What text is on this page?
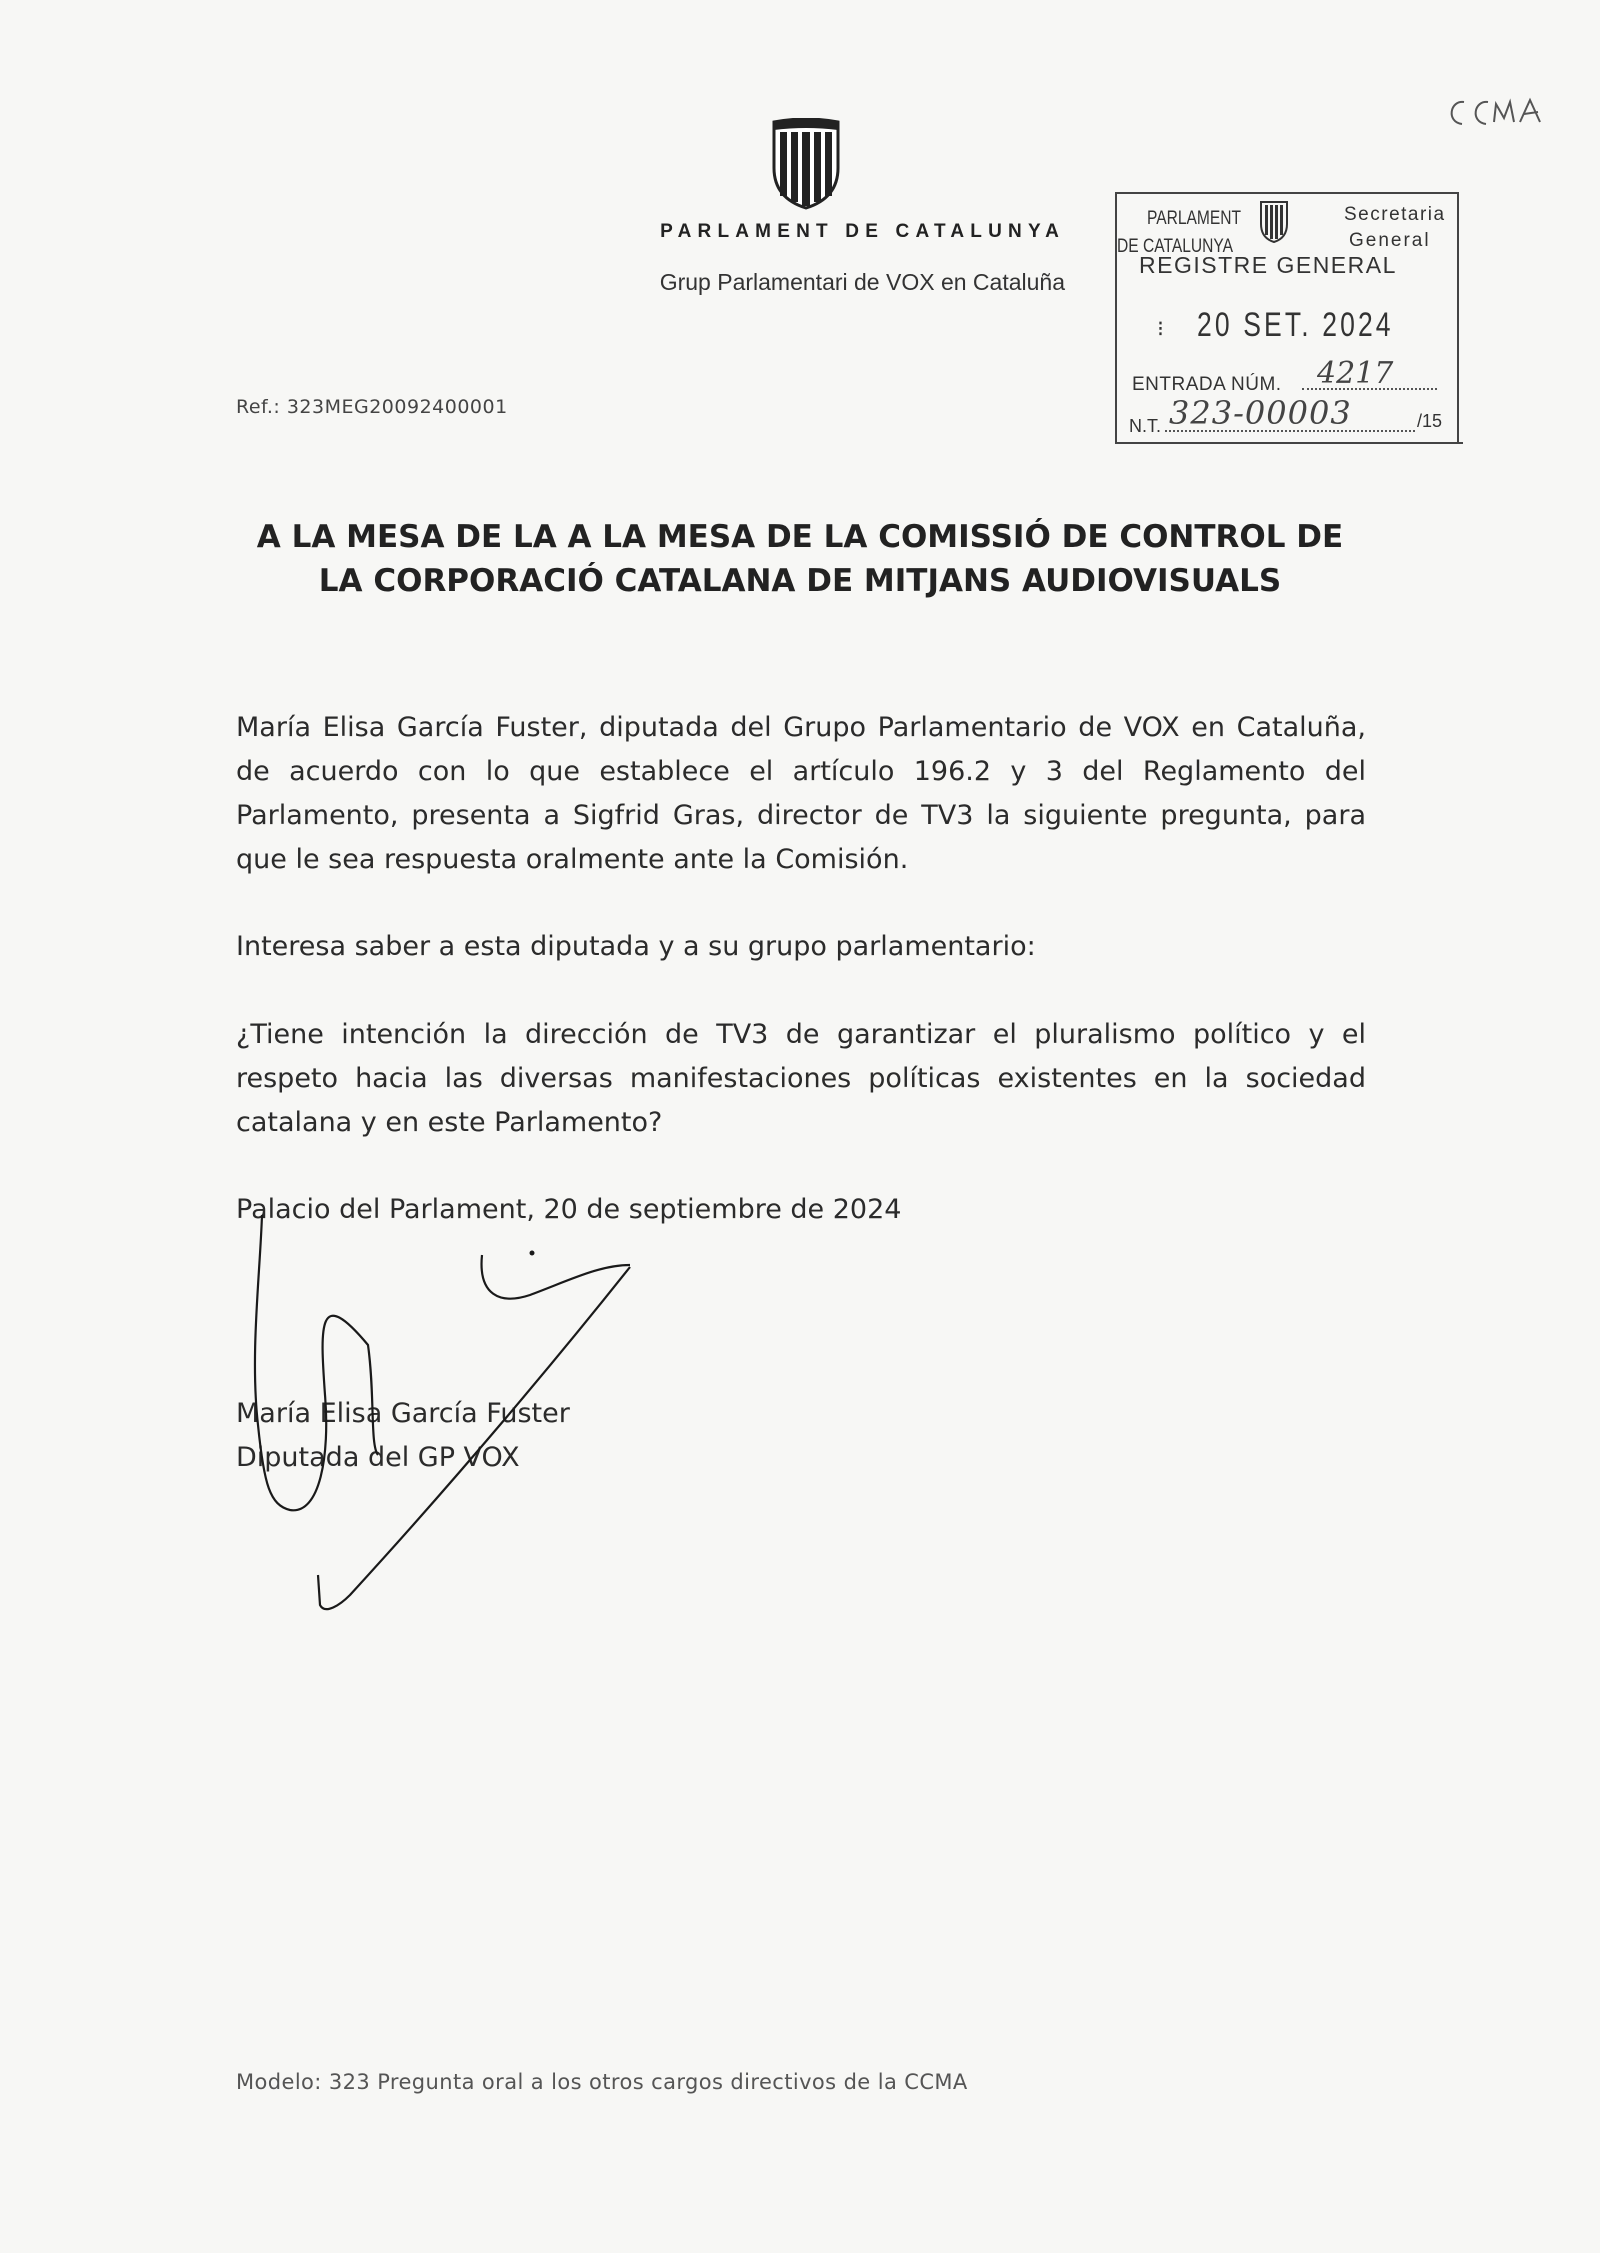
PARLAMENT DE CATALUNYA
Grup Parlamentari de VOX en Cataluña
PARLAMENT
DE CATALUNYA
Secretaria
General
REGISTRE GENERAL
⁝ 20 SET. 2024
ENTRADA NÚM. 4217
N.T. 323-00003	/15
Ref.: 323MEG20092400001
A LA MESA DE LA A LA MESA DE LA COMISSIÓ DE CONTROL DE LA CORPORACIÓ CATALANA DE MITJANS AUDIOVISUALS
María Elisa García Fuster, diputada del Grupo Parlamentario de VOX en Cataluña, de acuerdo con lo que establece el artículo 196.2 y 3 del Reglamento del Parlamento, presenta a Sigfrid Gras, director de TV3 la siguiente pregunta, para que le sea respuesta oralmente ante la Comisión.
Interesa saber a esta diputada y a su grupo parlamentario:
¿Tiene intención la dirección de TV3 de garantizar el pluralismo político y el respeto hacia las diversas manifestaciones políticas existentes en la sociedad catalana y en este Parlamento?
Palacio del Parlament, 20 de septiembre de 2024
María Elisa García Fuster
Diputada del GP VOX
Modelo: 323 Pregunta oral a los otros cargos directivos de la CCMA
